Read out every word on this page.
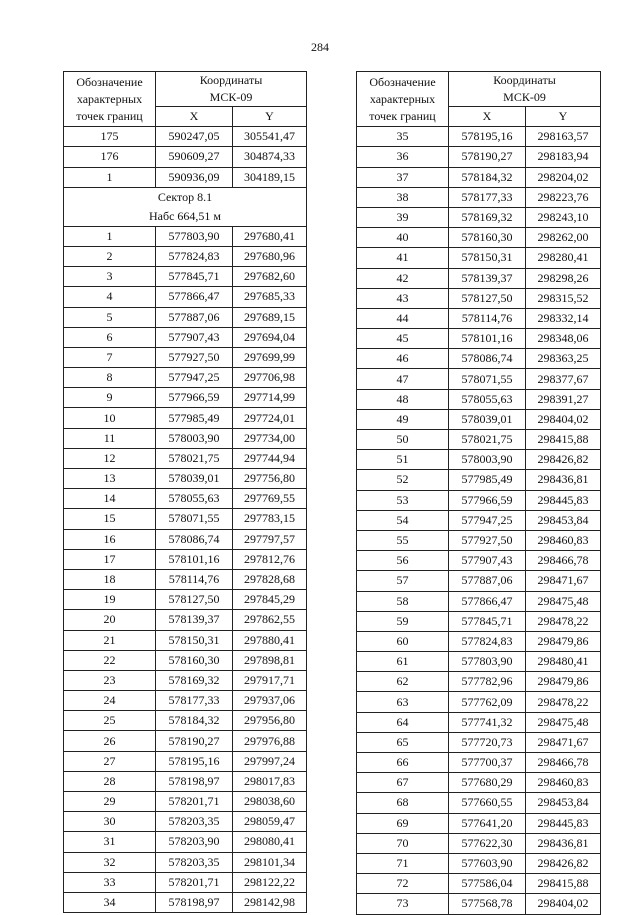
284
Обозначение
характерных
точек границ	Координаты
МСК-09	
	X	Y
175	590247,05	305541,47
176	590609,27	304874,33
1	590936,09	304189,15
Сектор 8.1
Набс 664,51 м		
1	577803,90	297680,41
2	577824,83	297680,96
3	577845,71	297682,60
4	577866,47	297685,33
5	577887,06	297689,15
6	577907,43	297694,04
7	577927,50	297699,99
8	577947,25	297706,98
9	577966,59	297714,99
10	577985,49	297724,01
11	578003,90	297734,00
12	578021,75	297744,94
13	578039,01	297756,80
14	578055,63	297769,55
15	578071,55	297783,15
16	578086,74	297797,57
17	578101,16	297812,76
18	578114,76	297828,68
19	578127,50	297845,29
20	578139,37	297862,55
21	578150,31	297880,41
22	578160,30	297898,81
23	578169,32	297917,71
24	578177,33	297937,06
25	578184,32	297956,80
26	578190,27	297976,88
27	578195,16	297997,24
28	578198,97	298017,83
29	578201,71	298038,60
30	578203,35	298059,47
31	578203,90	298080,41
32	578203,35	298101,34
33	578201,71	298122,22
34	578198,97	298142,98
Обозначение
характерных
точек границ	Координаты
МСК-09	
	X	Y
35	578195,16	298163,57
36	578190,27	298183,94
37	578184,32	298204,02
38	578177,33	298223,76
39	578169,32	298243,10
40	578160,30	298262,00
41	578150,31	298280,41
42	578139,37	298298,26
43	578127,50	298315,52
44	578114,76	298332,14
45	578101,16	298348,06
46	578086,74	298363,25
47	578071,55	298377,67
48	578055,63	298391,27
49	578039,01	298404,02
50	578021,75	298415,88
51	578003,90	298426,82
52	577985,49	298436,81
53	577966,59	298445,83
54	577947,25	298453,84
55	577927,50	298460,83
56	577907,43	298466,78
57	577887,06	298471,67
58	577866,47	298475,48
59	577845,71	298478,22
60	577824,83	298479,86
61	577803,90	298480,41
62	577782,96	298479,86
63	577762,09	298478,22
64	577741,32	298475,48
65	577720,73	298471,67
66	577700,37	298466,78
67	577680,29	298460,83
68	577660,55	298453,84
69	577641,20	298445,83
70	577622,30	298436,81
71	577603,90	298426,82
72	577586,04	298415,88
73	577568,78	298404,02
